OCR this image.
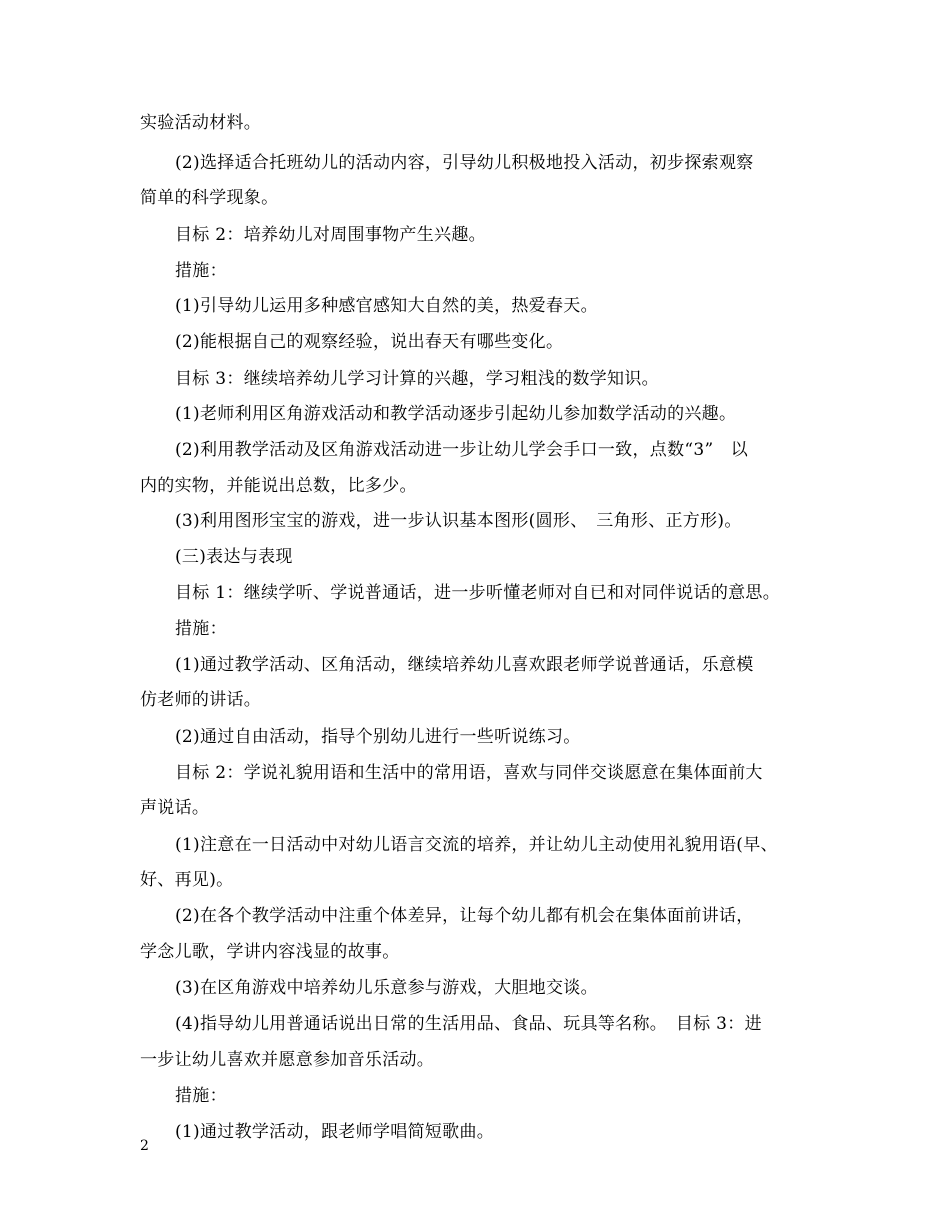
实验活动材料。
(2)选择适合托班幼儿的活动内容，引导幼儿积极地投入活动，初步探索观察
简单的科学现象。
目标 2：培养幼儿对周围事物产生兴趣。
措施：
(1)引导幼儿运用多种感官感知大自然的美，热爱春天。
(2)能根据自己的观察经验，说出春天有哪些变化。
目标 3：继续培养幼儿学习计算的兴趣，学习粗浅的数学知识。
(1)老师利用区角游戏活动和教学活动逐步引起幼儿参加数学活动的兴趣。
(2)利用教学活动及区角游戏活动进一步让幼儿学会手口一致，点数“3”　以
内的实物，并能说出总数，比多少。
(3)利用图形宝宝的游戏，进一步认识基本图形(圆形、　三角形、正方形)。
(三)表达与表现
目标 1：继续学听、学说普通话，进一步听懂老师对自已和对同伴说话的意思。
措施：
(1)通过教学活动、区角活动，继续培养幼儿喜欢跟老师学说普通话，乐意模
仿老师的讲话。
(2)通过自由活动，指导个别幼儿进行一些听说练习。
目标 2：学说礼貌用语和生活中的常用语，喜欢与同伴交谈愿意在集体面前大
声说话。
(1)注意在一日活动中对幼儿语言交流的培养，并让幼儿主动使用礼貌用语(早、
好、再见)。
(2)在各个教学活动中注重个体差异，让每个幼儿都有机会在集体面前讲话，
学念儿歌，学讲内容浅显的故事。
(3)在区角游戏中培养幼儿乐意参与游戏，大胆地交谈。
(4)指导幼儿用普通话说出日常的生活用品、食品、玩具等名称。　目标 3：进
一步让幼儿喜欢并愿意参加音乐活动。
措施：
(1)通过教学活动，跟老师学唱简短歌曲。
2
